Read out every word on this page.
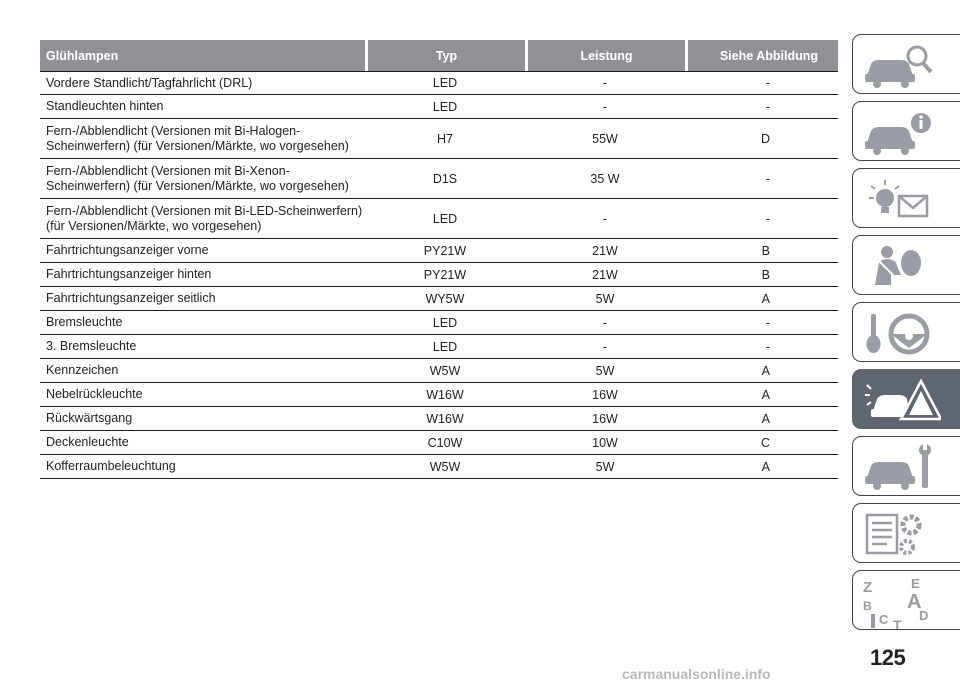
Glühlampen	Typ	Leistung	Siehe Abbildung
Vordere Standlicht/Tagfahrlicht (DRL)	LED	-	-
Standleuchten hinten	LED	-	-
Fern-/Abblendlicht (Versionen mit Bi-Halogen-
Scheinwerfern) (für Versionen/Märkte, wo vorgesehen)	H7	55W	D
Fern-/Abblendlicht (Versionen mit Bi-Xenon-
Scheinwerfern) (für Versionen/Märkte, wo vorgesehen)	D1S	35 W	-
Fern-/Abblendlicht (Versionen mit Bi-LED-Scheinwerfern)
(für Versionen/Märkte, wo vorgesehen)	LED	-	-
Fahrtrichtungsanzeiger vorne	PY21W	21W	B
Fahrtrichtungsanzeiger hinten	PY21W	21W	B
Fahrtrichtungsanzeiger seitlich	WY5W	5W	A
Bremsleuchte	LED	-	-
3. Bremsleuchte	LED	-	-
Kennzeichen	W5W	5W	A
Nebelrückleuchte	W16W	16W	A
Rückwärtsgang	W16W	16W	A
Deckenleuchte	C10W	10W	C
Kofferraumbeleuchtung	W5W	5W	A
Z	E
B A
C T
D
125
carmanualsonline.info
